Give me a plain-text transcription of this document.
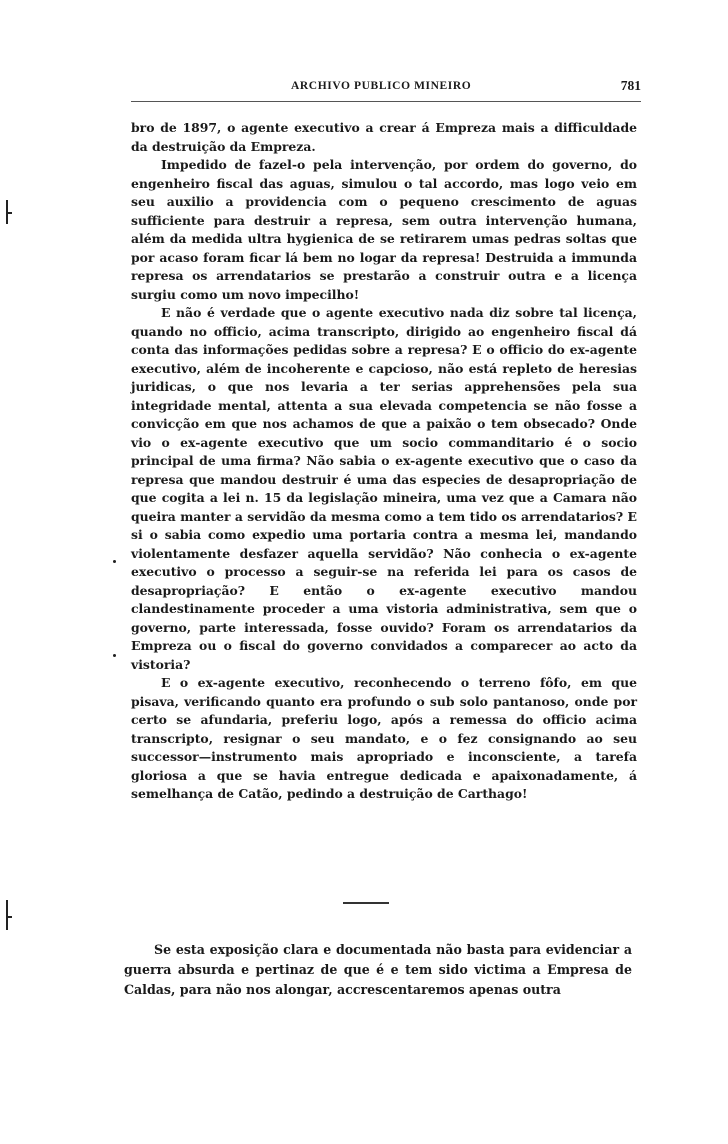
ARCHIVO PUBLICO MINEIRO	781

bro de 1897, o agente executivo a crear á Empreza mais a difficuldade da destruição da Empreza.

Impedido de fazel-o pela intervenção, por ordem do governo, do engenheiro fiscal das aguas, simulou o tal accordo, mas logo veio em seu auxilio a providencia com o pequeno crescimento de aguas sufficiente para destruir a represa, sem outra intervenção humana, além da medida ultra hygienica de se retirarem umas pedras soltas que por acaso foram ficar lá bem no logar da represa! Destruida a immunda represa os arrendatarios se prestarão a construir outra e a licença surgiu como um novo impecilho!

E não é verdade que o agente executivo nada diz sobre tal licença, quando no officio, acima transcripto, dirigido ao engenheiro fiscal dá conta das informações pedidas sobre a represa? E o officio do ex-agente executivo, além de incoherente e capcioso, não está repleto de heresias juridicas, o que nos levaria a ter serias apprehensões pela sua integridade mental, attenta a sua elevada competencia se não fosse a convicção em que nos achamos de que a paixão o tem obsecado? Onde vio o ex-agente executivo que um socio commanditario é o socio principal de uma firma? Não sabia o ex-agente executivo que o caso da represa que mandou destruir é uma das especies de desapropriação de que cogita a lei n. 15 da legislação mineira, uma vez que a Camara não queira manter a servidão da mesma como a tem tido os arrendatarios? E si o sabia como expedio uma portaria contra a mesma lei, mandando violentamente desfazer aquella servidão? Não conhecia o ex-agente executivo o processo a seguir-se na referida lei para os casos de desapropriação? E então o ex-agente executivo mandou clandestinamente proceder a uma vistoria administrativa, sem que o governo, parte interessada, fosse ouvido? Foram os arrendatarios da Empreza ou o fiscal do governo convidados a comparecer ao acto da vistoria?

E o ex-agente executivo, reconhecendo o terreno fôfo, em que pisava, verificando quanto era profundo o sub solo pantanoso, onde por certo se afundaria, preferiu logo, após a remessa do officio acima transcripto, resignar o seu mandato, e o fez consignando ao seu successor—instrumento mais apropriado e inconsciente, a tarefa gloriosa a que se havia entregue dedicada e apaixonadamente, á semelhança de Catão, pedindo a destruição de Carthago!

Se esta exposição clara e documentada não basta para evidenciar a guerra absurda e pertinaz de que é e tem sido victima a Empresa de Caldas, para não nos alongar, accrescentaremos apenas outra
